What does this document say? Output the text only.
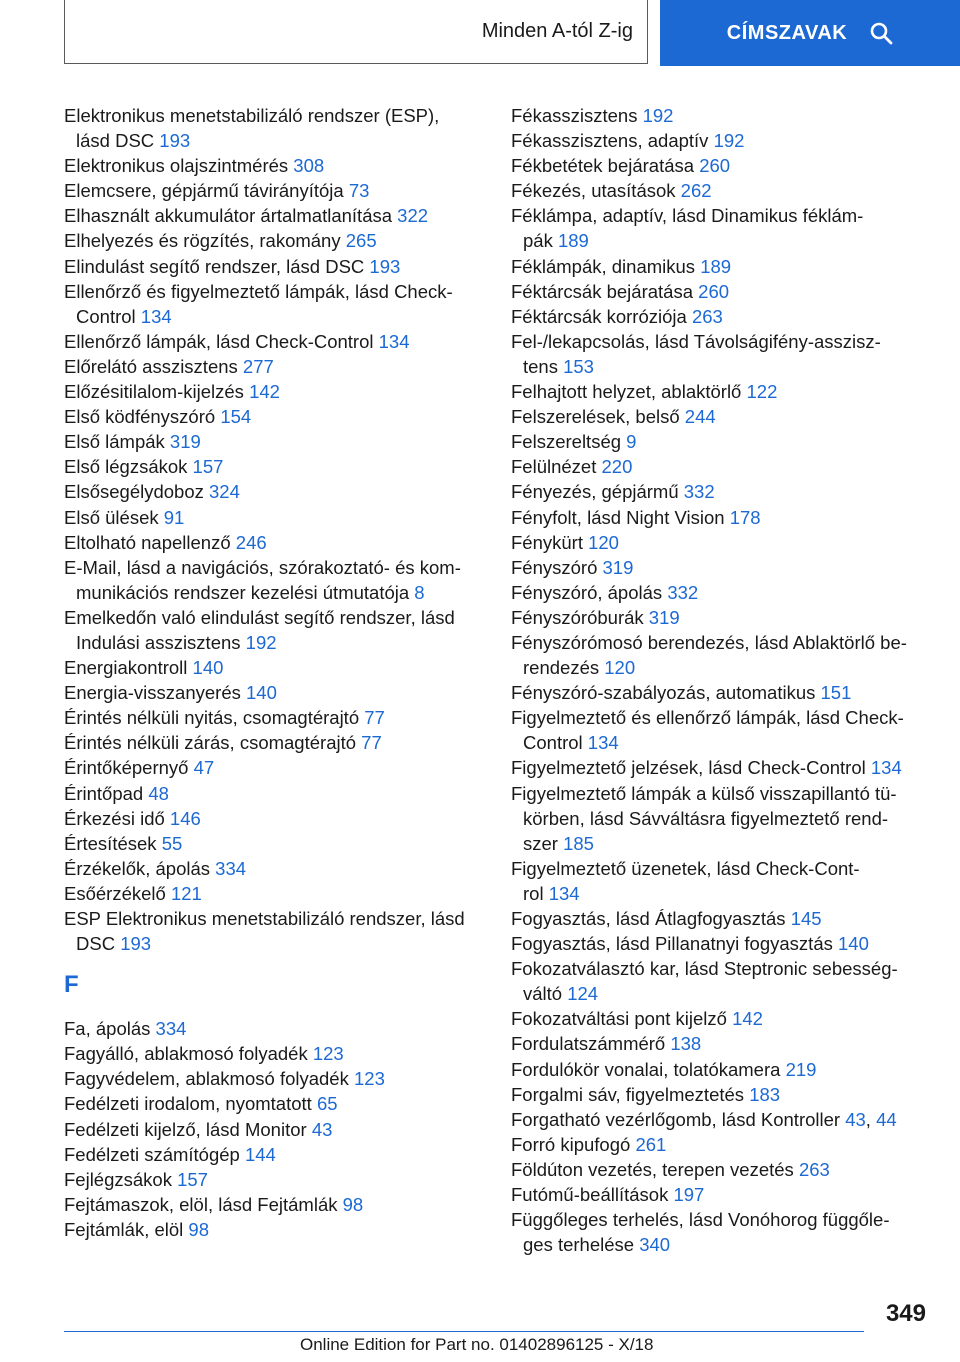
Minden A-tól Z-ig	CÍMSZAVAK
Elektronikus menetstabilizáló rendszer (ESP),
lásd DSC 193
Elektronikus olajszintmérés 308
Elemcsere, gépjármű távirányítója 73
Elhasznált akkumulátor ártalmatlanítása 322
Elhelyezés és rögzítés, rakomány 265
Elindulást segítő rendszer, lásd DSC 193
Ellenőrző és figyelmeztető lámpák, lásd Check-
Control 134
Ellenőrző lámpák, lásd Check-Control 134
Előrelátó asszisztens 277
Előzésitilalom-kijelzés 142
Első ködfényszóró 154
Első lámpák 319
Első légzsákok 157
Elsősegélydoboz 324
Első ülések 91
Eltolható napellenző 246
E-Mail, lásd a navigációs, szórakoztató- és kom-
munikációs rendszer kezelési útmutatója 8
Emelkedőn való elindulást segítő rendszer, lásd
Indulási asszisztens 192
Energiakontroll 140
Energia-visszanyerés 140
Érintés nélküli nyitás, csomagtérajtó 77
Érintés nélküli zárás, csomagtérajtó 77
Érintőképernyő 47
Érintőpad 48
Érkezési idő 146
Értesítések 55
Érzékelők, ápolás 334
Esőérzékelő 121
ESP Elektronikus menetstabilizáló rendszer, lásd
DSC 193
F
Fa, ápolás 334
Fagyálló, ablakmosó folyadék 123
Fagyvédelem, ablakmosó folyadék 123
Fedélzeti irodalom, nyomtatott 65
Fedélzeti kijelző, lásd Monitor 43
Fedélzeti számítógép 144
Fejlégzsákok 157
Fejtámaszok, elöl, lásd Fejtámlák 98
Fejtámlák, elöl 98
Fékasszisztens 192
Fékasszisztens, adaptív 192
Fékbetétek bejáratása 260
Fékezés, utasítások 262
Féklámpa, adaptív, lásd Dinamikus féklám-
pák 189
Féklámpák, dinamikus 189
Féktárcsák bejáratása 260
Féktárcsák korróziója 263
Fel-/lekapcsolás, lásd Távolságifény-asszisz-
tens 153
Felhajtott helyzet, ablaktörlő 122
Felszerelések, belső 244
Felszereltség 9
Felülnézet 220
Fényezés, gépjármű 332
Fényfolt, lásd Night Vision 178
Fénykürt 120
Fényszóró 319
Fényszóró, ápolás 332
Fényszóróburák 319
Fényszórómosó berendezés, lásd Ablaktörlő be-
rendezés 120
Fényszóró-szabályozás, automatikus 151
Figyelmeztető és ellenőrző lámpák, lásd Check-
Control 134
Figyelmeztető jelzések, lásd Check-Control 134
Figyelmeztető lámpák a külső visszapillantó tü-
körben, lásd Sávváltásra figyelmeztető rend-
szer 185
Figyelmeztető üzenetek, lásd Check-Cont-
rol 134
Fogyasztás, lásd Átlagfogyasztás 145
Fogyasztás, lásd Pillanatnyi fogyasztás 140
Fokozatválasztó kar, lásd Steptronic sebesség-
váltó 124
Fokozatváltási pont kijelző 142
Fordulatszámmérő 138
Fordulókör vonalai, tolatókamera 219
Forgalmi sáv, figyelmeztetés 183
Forgatható vezérlőgomb, lásd Kontroller 43, 44
Forró kipufogó 261
Földúton vezetés, terepen vezetés 263
Futómű-beállítások 197
Függőleges terhelés, lásd Vonóhorog függőle-
ges terhelése 340
349
Online Edition for Part no. 01402896125 - X/18
